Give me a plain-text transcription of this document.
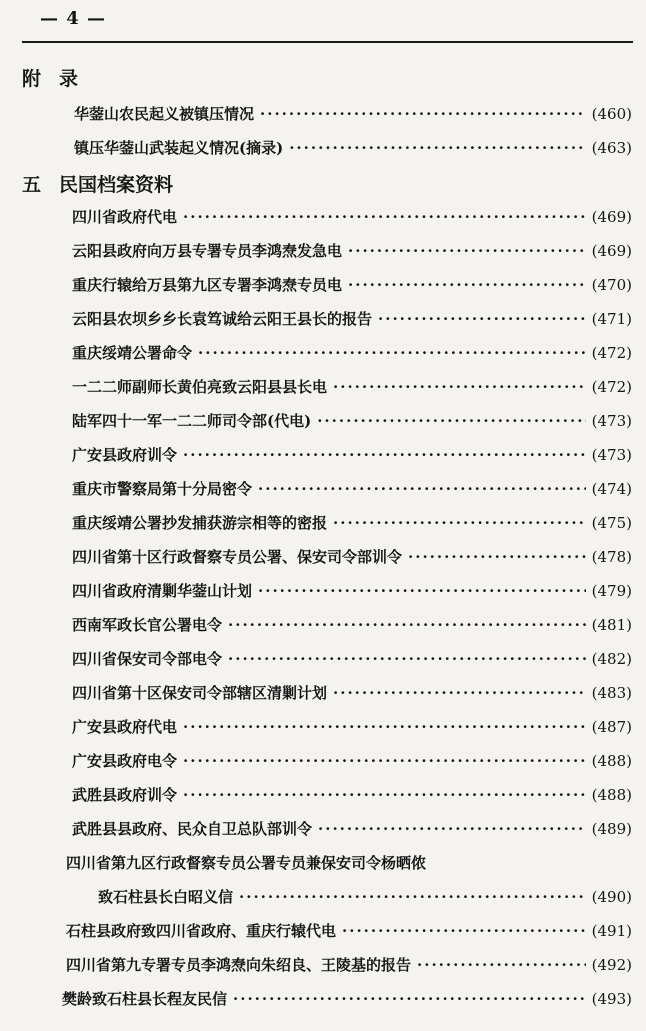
— 4 —
附 录
华蓥山农民起义被镇压情况 ·····	(460)
镇压华蓥山武装起义情况(摘录) ·····	(463)
五 民国档案资料
四川省政府代电 ·····	(469)
云阳县政府向万县专署专员李鸿焘发急电 ·····	(469)
重庆行辕给万县第九区专署李鸿焘专员电 ·····	(470)
云阳县农坝乡乡长袁笃诚给云阳王县长的报告 ·····	(471)
重庆绥靖公署命令 ·····	(472)
一二二师副师长黄伯亮致云阳县县长电 ·····	(472)
陆军四十一军一二二师司令部(代电) ·····	(473)
广安县政府训令 ·····	(473)
重庆市警察局第十分局密令 ·····	(474)
重庆绥靖公署抄发捕获游宗相等的密报 ·····	(475)
四川省第十区行政督察专员公署、保安司令部训令 ·····	(478)
四川省政府清剿华蓥山计划 ·····	(479)
西南军政长官公署电令 ·····	(481)
四川省保安司令部电令 ·····	(482)
四川省第十区保安司令部辖区清剿计划 ·····	(483)
广安县政府代电 ·····	(487)
广安县政府电令 ·····	(488)
武胜县政府训令 ·····	(488)
武胜县县政府、民众自卫总队部训令 ·····	(489)
四川省第九区行政督察专员公署专员兼保安司令杨晒侬
致石柱县长白昭义信 ·····	(490)
石柱县政府致四川省政府、重庆行辕代电 ·····	(491)
四川省第九专署专员李鸿焘向朱绍良、王陵基的报告 ·····	(492)
樊龄致石柱县长程友民信 ·····	(493)
